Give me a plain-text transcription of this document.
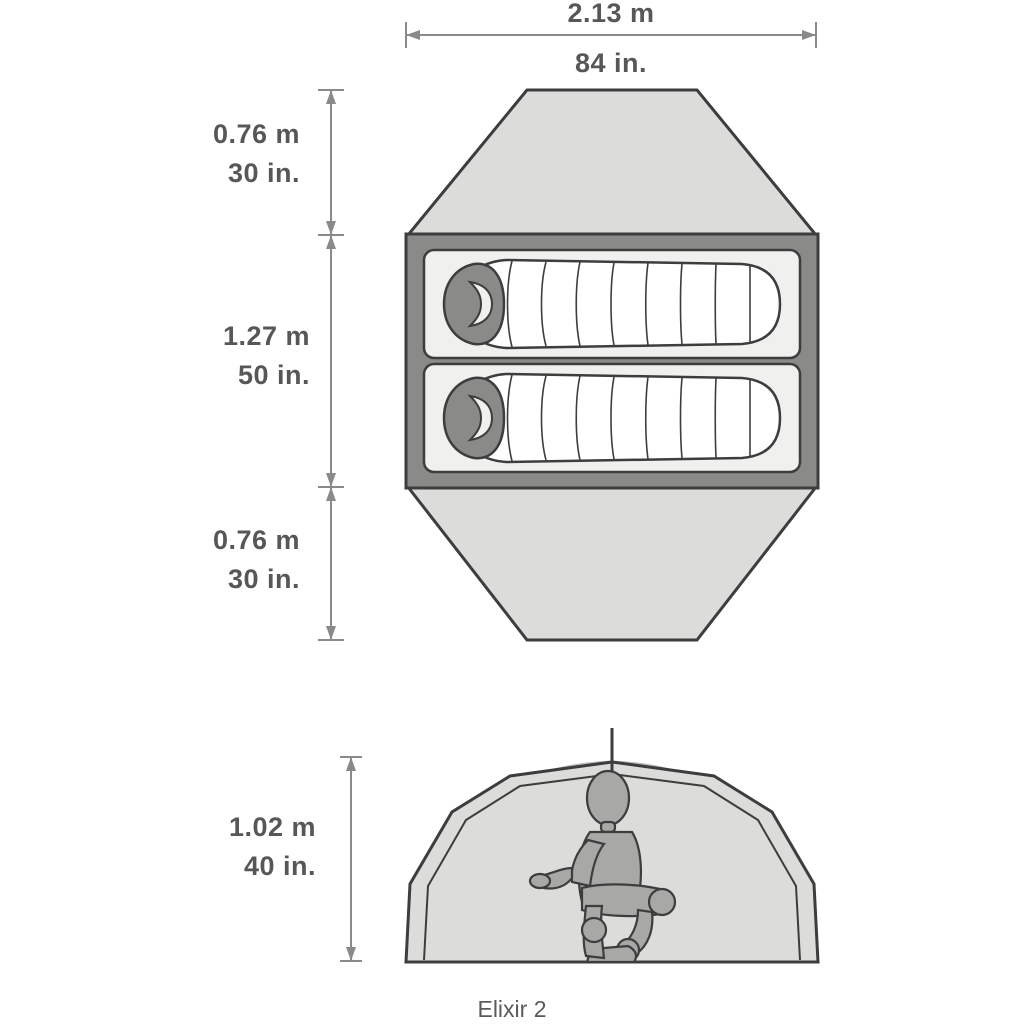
2.13 m
84 in.
0.76 m
30 in.
1.27 m
50 in.
0.76 m
30 in.
1.02 m
40 in.
Elixir 2
